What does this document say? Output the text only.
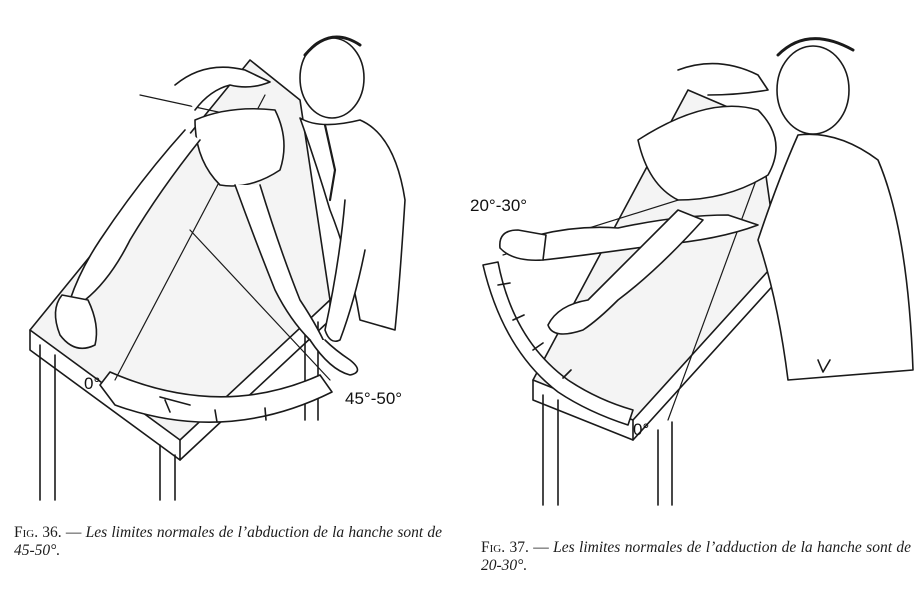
0°
45°-50°
Fig. 36. — Les limites normales de l’abduction de la hanche sont de 45-50°.
20°-30°
0°
Fig. 37. — Les limites normales de l’adduction de la hanche sont de 20-30°.
